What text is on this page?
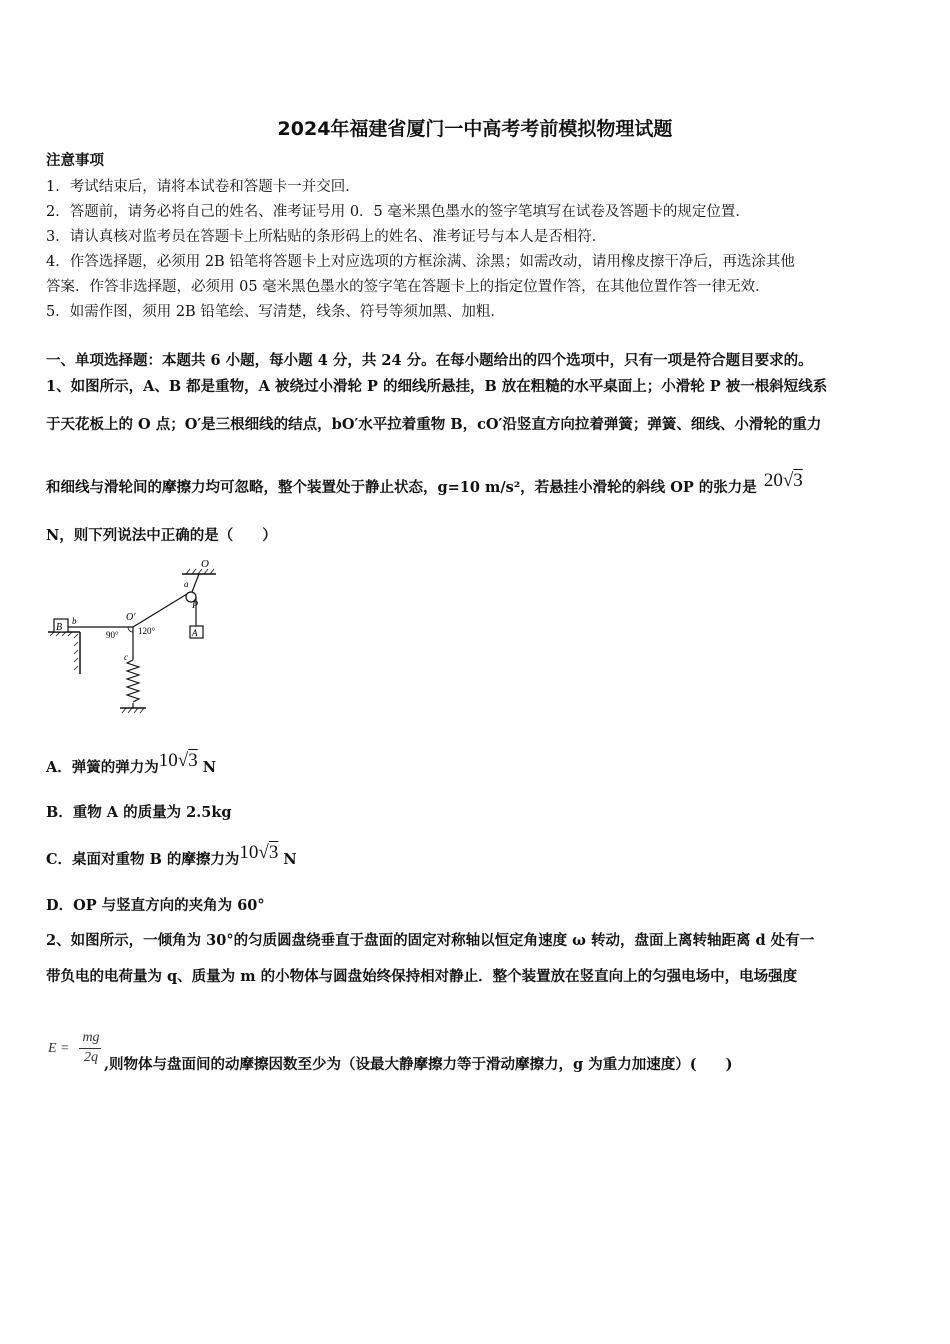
2024年福建省厦门一中高考考前模拟物理试题
注意事项
1．考试结束后，请将本试卷和答题卡一并交回．
2．答题前，请务必将自己的姓名、准考证号用 0．5 毫米黑色墨水的签字笔填写在试卷及答题卡的规定位置．
3．请认真核对监考员在答题卡上所粘贴的条形码上的姓名、准考证号与本人是否相符．
4．作答选择题，必须用 2B 铅笔将答题卡上对应选项的方框涂满、涂黑；如需改动，请用橡皮擦干净后，再选涂其他
答案．作答非选择题，必须用 05 毫米黑色墨水的签字笔在答题卡上的指定位置作答，在其他位置作答一律无效．
5．如需作图，须用 2B 铅笔绘、写清楚，线条、符号等须加黑、加粗．
一、单项选择题：本题共 6 小题，每小题 4 分，共 24 分。在每小题给出的四个选项中，只有一项是符合题目要求的。
1、如图所示，A、B 都是重物，A 被绕过小滑轮 P 的细线所悬挂，B 放在粗糙的水平桌面上；小滑轮 P 被一根斜短线系
于天花板上的 O 点；O′是三根细线的结点，bO′水平拉着重物 B，cO′沿竖直方向拉着弹簧；弹簧、细线、小滑轮的重力
和细线与滑轮间的摩擦力均可忽略，整个装置处于静止状态，g=10 m/s²，若悬挂小滑轮的斜线 OP 的张力是 20√3
N，则下列说法中正确的是（　　）
O
a
P
A
B
b	O′
90° 120°
c
A．弹簧的弹力为10√3 N
B．重物 A 的质量为 2.5kg
C．桌面对重物 B 的摩擦力为10√3 N
D．OP 与竖直方向的夹角为 60°
2、如图所示，一倾角为 30°的匀质圆盘绕垂直于盘面的固定对称轴以恒定角速度 ω 转动，盘面上离转轴距离 d 处有一
带负电的电荷量为 q、质量为 m 的小物体与圆盘始终保持相对静止．整个装置放在竖直向上的匀强电场中，电场强度
E =
mg
2q ,则物体与盘面间的动摩擦因数至少为（设最大静摩擦力等于滑动摩擦力，g 为重力加速度）(　　)
